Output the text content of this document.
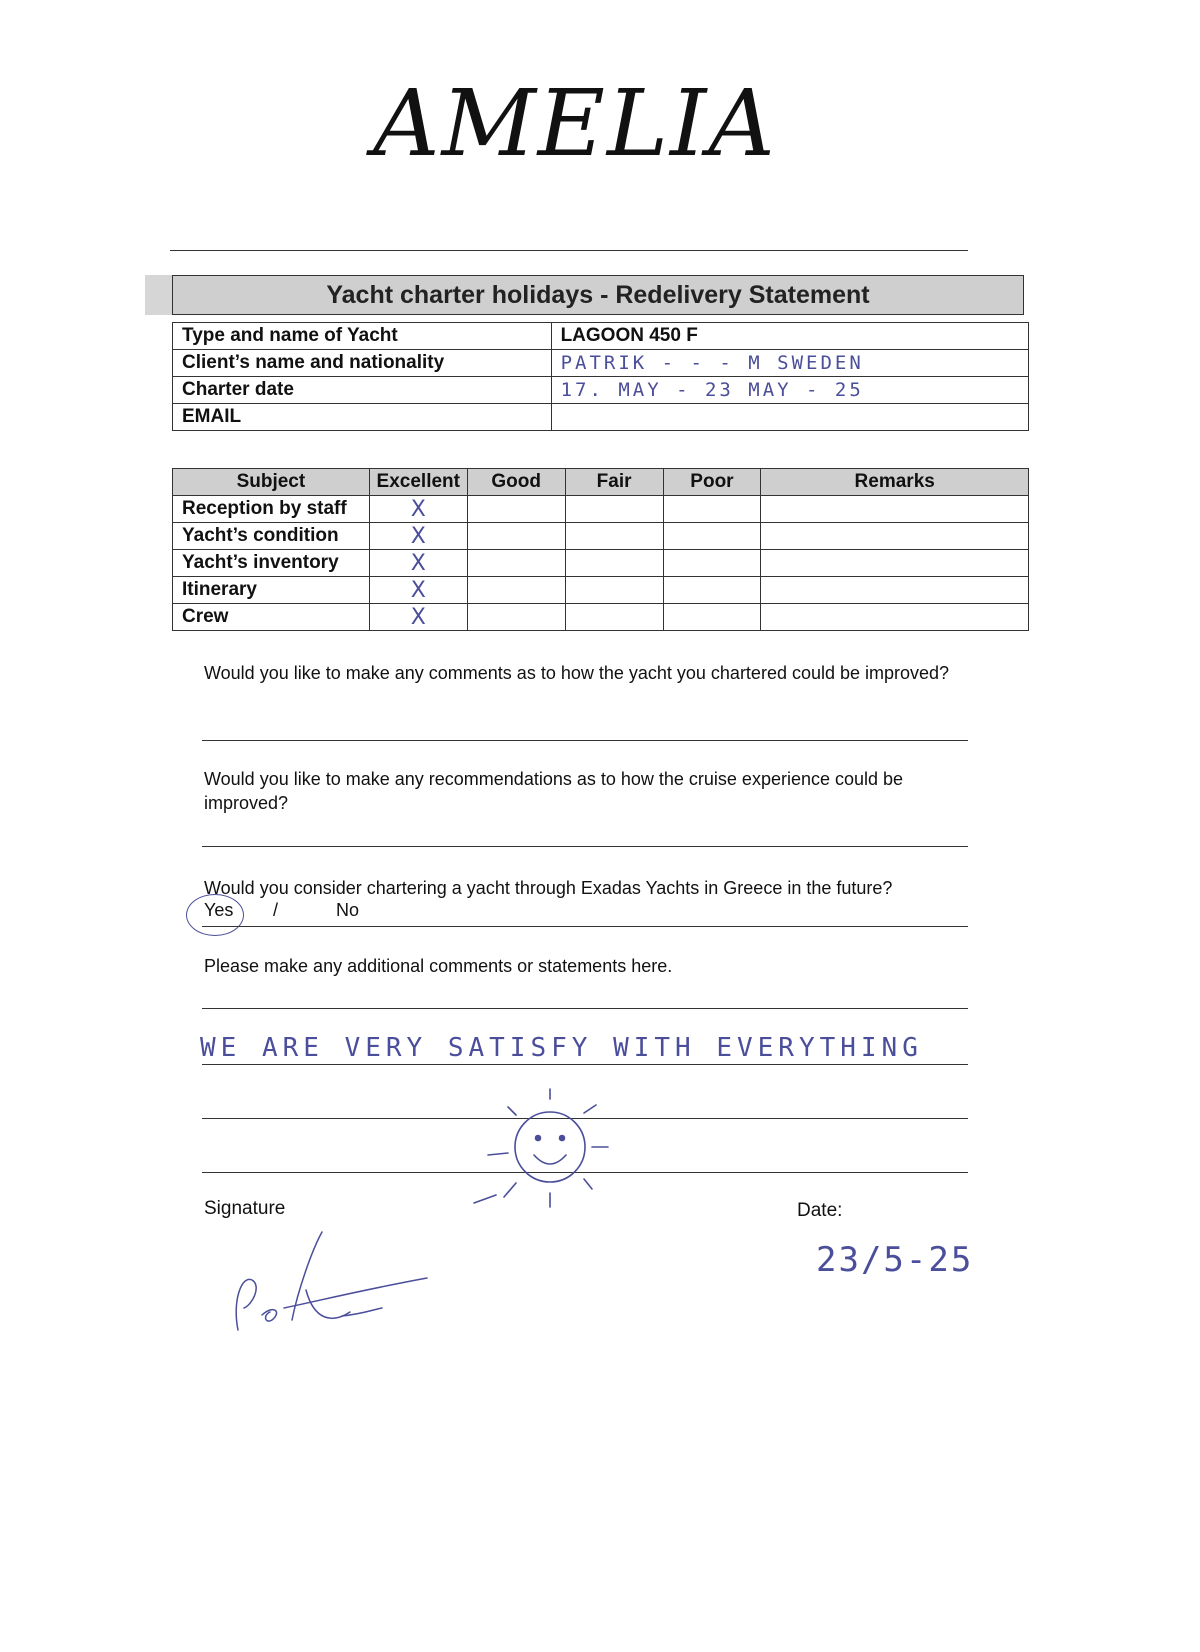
AMELIA
Yacht charter holidays - Redelivery Statement
Type and name of Yacht	LAGOON 450 F
Client’s name and nationality	PATRIK - - - M SWEDEN
Charter date	17. MAY - 23 MAY - 25
EMAIL	
Subject	Excellent	Good	Fair	Poor	Remarks
Reception by staff	X				
Yacht’s condition	X				
Yacht’s inventory	X				
Itinerary	X				
Crew	X				
Would you like to make any comments as to how the yacht you chartered could be improved?
Would you like to make any recommendations as to how the cruise experience could be improved?
Would you consider chartering a yacht through Exadas Yachts in Greece in the future?
Yes /	No
Please make any additional comments or statements here.
WE ARE VERY SATISFY WITH EVERYTHING
Signature	Date:
23/5-25
